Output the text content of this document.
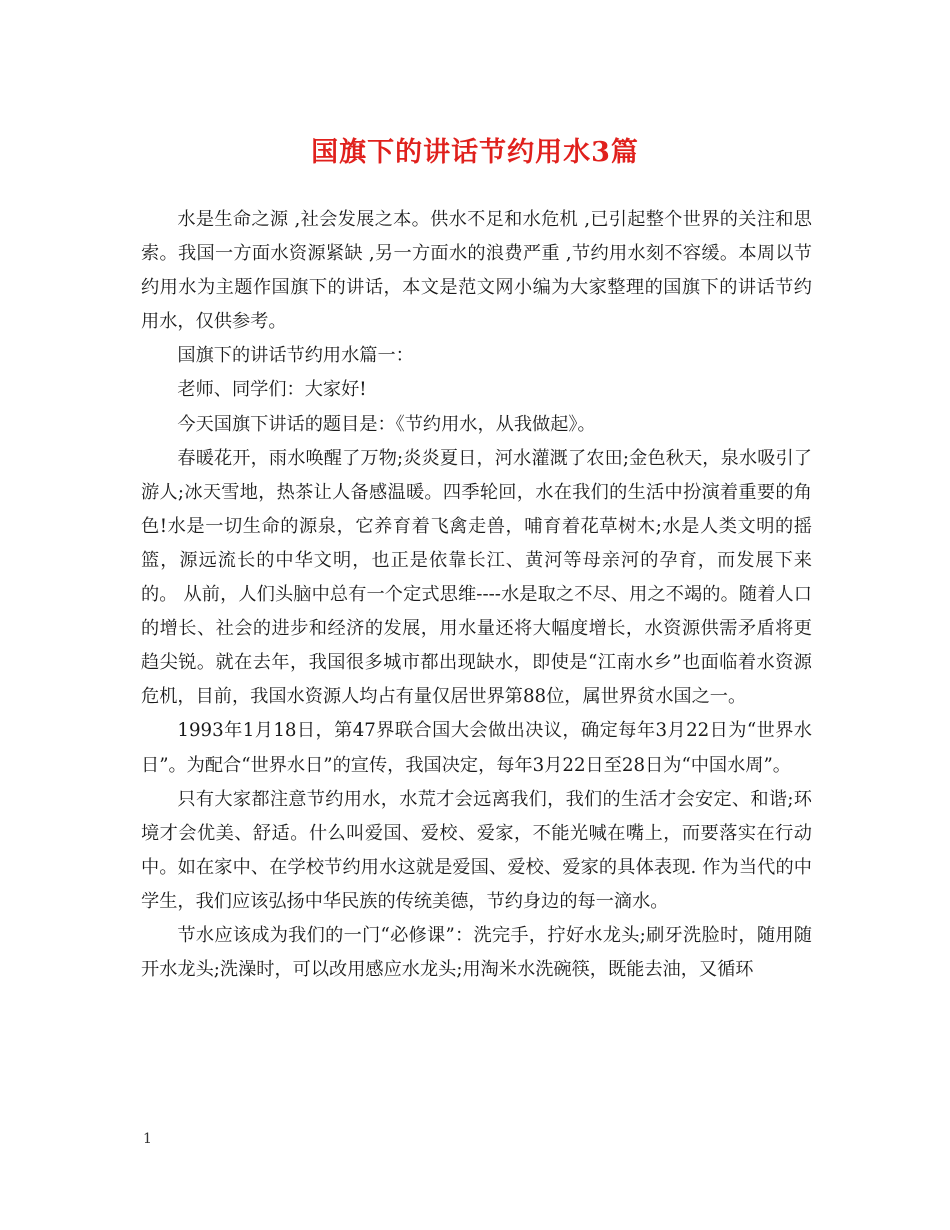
国旗下的讲话节约用水3篇

水是生命之源 ,社会发展之本。供水不足和水危机 ,已引起整个世界的关注和思索。我国一方面水资源紧缺 ,另一方面水的浪费严重 ,节约用水刻不容缓。本周以节约用水为主题作国旗下的讲话，本文是范文网小编为大家整理的国旗下的讲话节约用水，仅供参考。

国旗下的讲话节约用水篇一：

老师、同学们：大家好!

今天国旗下讲话的题目是：《节约用水，从我做起》。

春暖花开，雨水唤醒了万物;炎炎夏日，河水灌溉了农田;金色秋天，泉水吸引了游人;冰天雪地，热茶让人备感温暖。四季轮回，水在我们的生活中扮演着重要的角色!水是一切生命的源泉，它养育着飞禽走兽，哺育着花草树木;水是人类文明的摇篮，源远流长的中华文明，也正是依靠长江、黄河等母亲河的孕育，而发展下来的。 从前，人们头脑中总有一个定式思维----水是取之不尽、用之不竭的。随着人口的增长、社会的进步和经济的发展，用水量还将大幅度增长，水资源供需矛盾将更趋尖锐。就在去年，我国很多城市都出现缺水，即使是“江南水乡”也面临着水资源危机，目前，我国水资源人均占有量仅居世界第88位，属世界贫水国之一。

1993年1月18日，第47界联合国大会做出决议，确定每年3月22日为“世界水日”。为配合“世界水日”的宣传，我国决定，每年3月22日至28日为“中国水周”。

只有大家都注意节约用水，水荒才会远离我们，我们的生活才会安定、和谐;环境才会优美、舒适。什么叫爱国、爱校、爱家，不能光喊在嘴上，而要落实在行动中。如在家中、在学校节约用水这就是爱国、爱校、爱家的具体表现. 作为当代的中学生，我们应该弘扬中华民族的传统美德，节约身边的每一滴水。

节水应该成为我们的一门“必修课”：洗完手，拧好水龙头;刷牙洗脸时，随用随开水龙头;洗澡时，可以改用感应水龙头;用淘米水洗碗筷，既能去油，又循环

1
